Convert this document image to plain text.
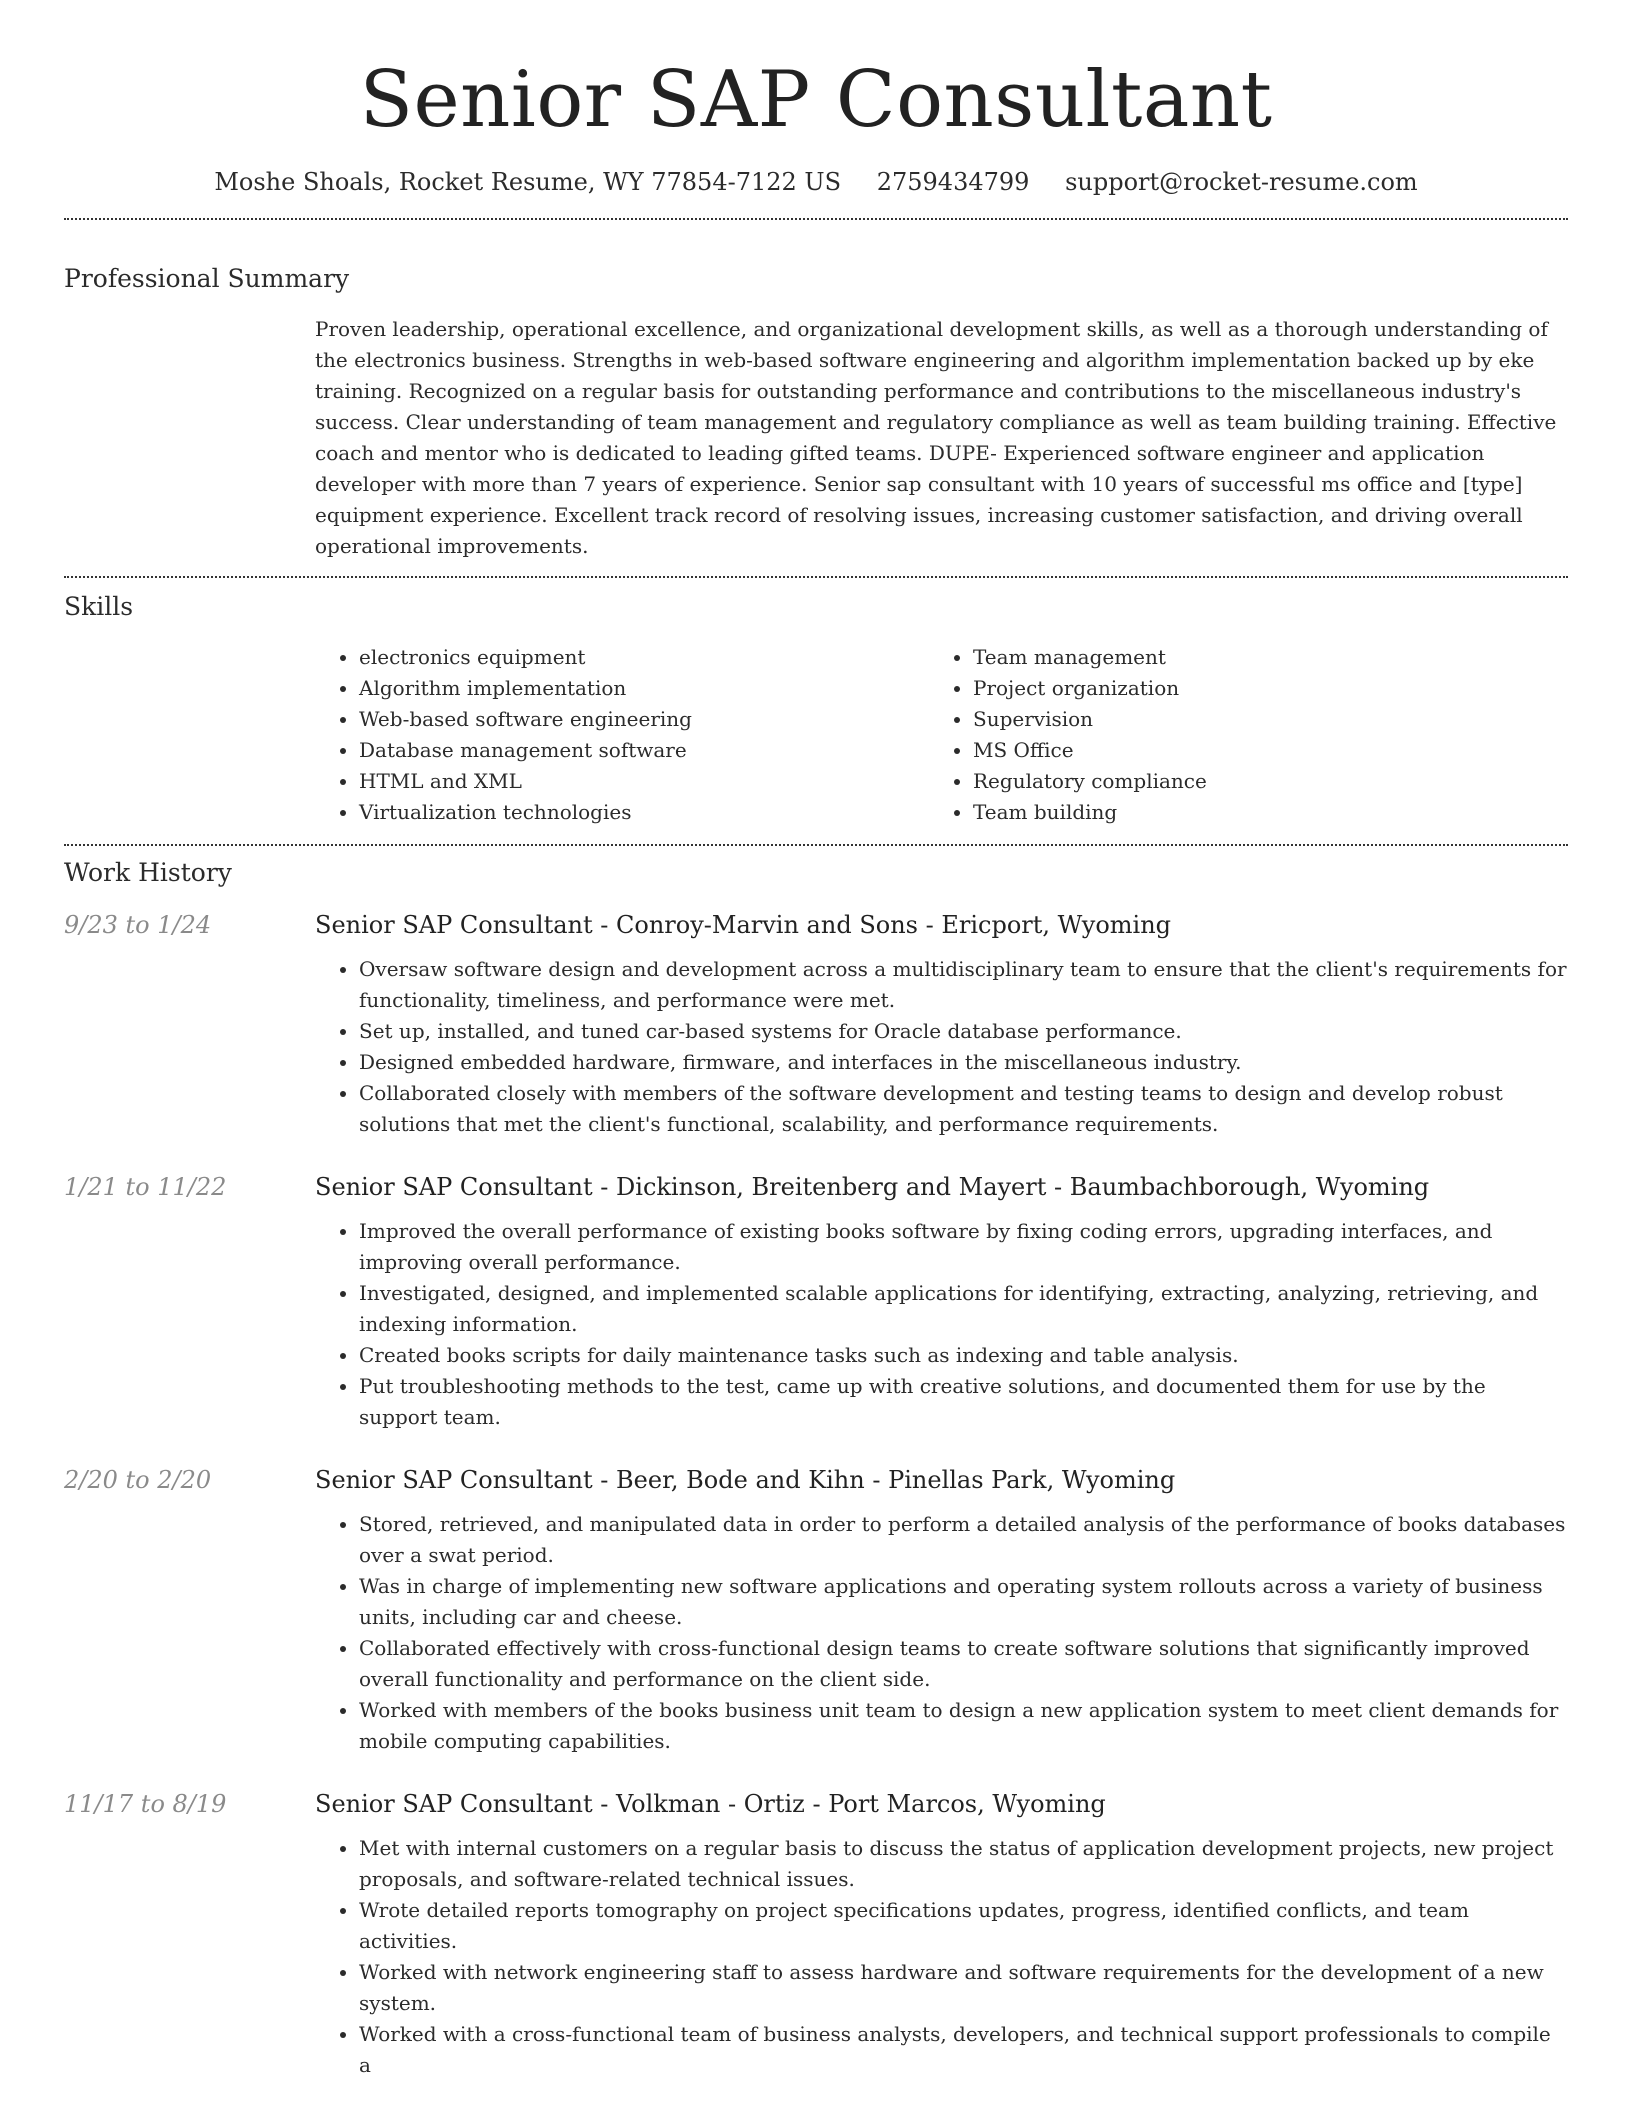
Senior SAP Consultant
Moshe Shoals, Rocket Resume, WY 77854-7122 US 2759434799 support@rocket-resume.com
Professional Summary

Proven leadership, operational excellence, and organizational development skills, as well as a thorough understanding of the electronics business. Strengths in web-based software engineering and algorithm implementation backed up by eke training. Recognized on a regular basis for outstanding performance and contributions to the miscellaneous industry's success. Clear understanding of team management and regulatory compliance as well as team building training. Effective coach and mentor who is dedicated to leading gifted teams. DUPE- Experienced software engineer and application developer with more than 7 years of experience. Senior sap consultant with 10 years of successful ms office and [type] equipment experience. Excellent track record of resolving issues, increasing customer satisfaction, and driving overall operational improvements.

Skills
• electronics equipment
• Algorithm implementation
• Web-based software engineering
• Database management software
• HTML and XML
• Virtualization technologies
• Team management
• Project organization
• Supervision
• MS Office
• Regulatory compliance
• Team building
Work History
9/23 to 1/24	Senior SAP Consultant - Conroy-Marvin and Sons - Ericport, Wyoming
• Oversaw software design and development across a multidisciplinary team to ensure that the client's requirements for functionality, timeliness, and performance were met.
• Set up, installed, and tuned car-based systems for Oracle database performance.
• Designed embedded hardware, firmware, and interfaces in the miscellaneous industry.
• Collaborated closely with members of the software development and testing teams to design and develop robust solutions that met the client's functional, scalability, and performance requirements.
1/21 to 11/22	Senior SAP Consultant - Dickinson, Breitenberg and Mayert - Baumbachborough, Wyoming
• Improved the overall performance of existing books software by fixing coding errors, upgrading interfaces, and improving overall performance.
• Investigated, designed, and implemented scalable applications for identifying, extracting, analyzing, retrieving, and indexing information.
• Created books scripts for daily maintenance tasks such as indexing and table analysis.
• Put troubleshooting methods to the test, came up with creative solutions, and documented them for use by the support team.
2/20 to 2/20	Senior SAP Consultant - Beer, Bode and Kihn - Pinellas Park, Wyoming
• Stored, retrieved, and manipulated data in order to perform a detailed analysis of the performance of books databases over a swat period.
• Was in charge of implementing new software applications and operating system rollouts across a variety of business units, including car and cheese.
• Collaborated effectively with cross-functional design teams to create software solutions that significantly improved overall functionality and performance on the client side.
• Worked with members of the books business unit team to design a new application system to meet client demands for mobile computing capabilities.
11/17 to 8/19	Senior SAP Consultant - Volkman - Ortiz - Port Marcos, Wyoming
• Met with internal customers on a regular basis to discuss the status of application development projects, new project proposals, and software-related technical issues.
• Wrote detailed reports tomography on project specifications updates, progress, identified conflicts, and team activities.
• Worked with network engineering staff to assess hardware and software requirements for the development of a new system.
• Worked with a cross-functional team of business analysts, developers, and technical support professionals to compile a
